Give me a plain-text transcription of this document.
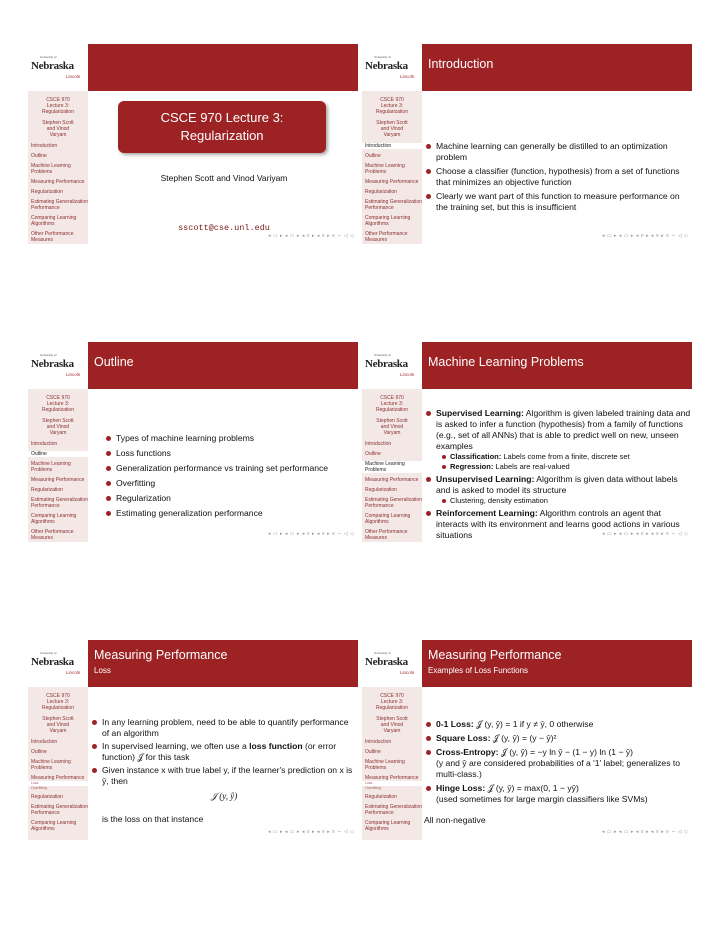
University of
Nebraska
Lincoln
CSCE 970
Lecture 3:
Regularization
Stephen Scott
and Vinod
Varyam
Introduction
Outline
Machine Learning Problems
Measuring Performance
Regularization
Estimating Generalization Performance
Comparing Learning Algorithms
Other Performance Measures
CSCE 970 Lecture 3:
Regularization
Stephen Scott and Vinod Variyam
sscott@cse.unl.edu
◂ ▭ ▸ ◂ ▭ ▸ ◂ ≡ ▸ ◂ ≡ ▸ ≡ ∽ ◁ ◇
University of
Nebraska
Lincoln
Introduction
CSCE 970
Lecture 3:
Regularization
Stephen Scott
and Vinod
Varyam
Introduction
Outline
Machine Learning Problems
Measuring Performance
Regularization
Estimating Generalization Performance
Comparing Learning Algorithms
Other Performance Measures
Machine learning can generally be distilled to an optimization problem
Choose a classifier (function, hypothesis) from a set of functions that minimizes an objective function
Clearly we want part of this function to measure performance on the training set, but this is insufficient
◂ ▭ ▸ ◂ ▭ ▸ ◂ ≡ ▸ ◂ ≡ ▸ ≡ ∽ ◁ ◇
University of
Nebraska
Lincoln
Outline
CSCE 970
Lecture 3:
Regularization
Stephen Scott
and Vinod
Varyam
Introduction
Outline
Machine Learning Problems
Measuring Performance
Regularization
Estimating Generalization Performance
Comparing Learning Algorithms
Other Performance Measures
Types of machine learning problems
Loss functions
Generalization performance vs training set performance
Overfitting
Regularization
Estimating generalization performance
◂ ▭ ▸ ◂ ▭ ▸ ◂ ≡ ▸ ◂ ≡ ▸ ≡ ∽ ◁ ◇
University of
Nebraska
Lincoln
Machine Learning Problems
CSCE 970
Lecture 3:
Regularization
Stephen Scott
and Vinod
Varyam
Introduction
Outline
Machine Learning Problems
Measuring Performance
Regularization
Estimating Generalization Performance
Comparing Learning Algorithms
Other Performance Measures
Supervised Learning: Algorithm is given labeled training data and is asked to infer a function (hypothesis) from a family of functions (e.g., set of all ANNs) that is able to predict well on new, unseen examples
Classification: Labels come from a finite, discrete set
Regression: Labels are real-valued
Unsupervised Learning: Algorithm is given data without labels and is asked to model its structure
Clustering, density estimation
Reinforcement Learning: Algorithm controls an agent that interacts with its environment and learns good actions in various situations	◂ ▭ ▸ ◂ ▭ ▸ ◂ ≡ ▸ ◂ ≡ ▸ ≡ ∽ ◁ ◇
University of
Nebraska
Lincoln
Measuring Performance
Loss
CSCE 970
Lecture 3:
Regularization
Stephen Scott
and Vinod
Varyam
Introduction
Outline
Machine Learning Problems
Measuring Performance
Loss
Overfitting
Regularization
Estimating Generalization Performance
Comparing Learning Algorithms
In any learning problem, need to be able to quantify performance of an algorithm
In supervised learning, we often use a loss function (or error function) 𝒥 for this task
Given instance x with true label y, if the learner's prediction on x is ŷ, then
𝒥 (y, ŷ)
is the loss on that instance
◂ ▭ ▸ ◂ ▭ ▸ ◂ ≡ ▸ ◂ ≡ ▸ ≡ ∽ ◁ ◇
University of
Nebraska
Lincoln
Measuring Performance
Examples of Loss Functions
CSCE 970
Lecture 3:
Regularization
Stephen Scott
and Vinod
Varyam
Introduction
Outline
Machine Learning Problems
Measuring Performance
Loss
Overfitting
Regularization
Estimating Generalization Performance
Comparing Learning Algorithms
0-1 Loss: 𝒥 (y, ŷ) = 1 if y ≠ ŷ, 0 otherwise
Square Loss: 𝒥 (y, ŷ) = (y − ŷ)²
Cross-Entropy: 𝒥 (y, ŷ) = −y ln ŷ − (1 − y) ln (1 − ŷ)
(y and ŷ are considered probabilities of a '1' label; generalizes to multi-class.)
Hinge Loss: 𝒥 (y, ŷ) = max(0, 1 − yŷ)
(used sometimes for large margin classifiers like SVMs)
All non-negative
◂ ▭ ▸ ◂ ▭ ▸ ◂ ≡ ▸ ◂ ≡ ▸ ≡ ∽ ◁ ◇
